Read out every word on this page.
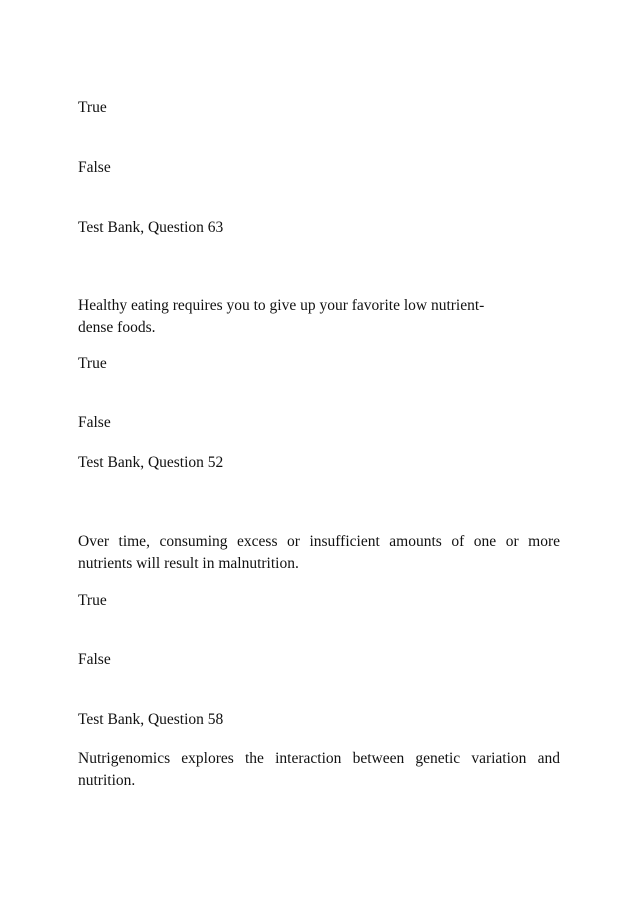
True

False

Test Bank, Question 63

Healthy eating requires you to give up your favorite low nutrient-
dense foods.

True

False

Test Bank, Question 52

Over time, consuming excess or insufficient amounts of one or more nutrients will result in malnutrition.

True

False

Test Bank, Question 58

Nutrigenomics explores the interaction between genetic variation and nutrition.
